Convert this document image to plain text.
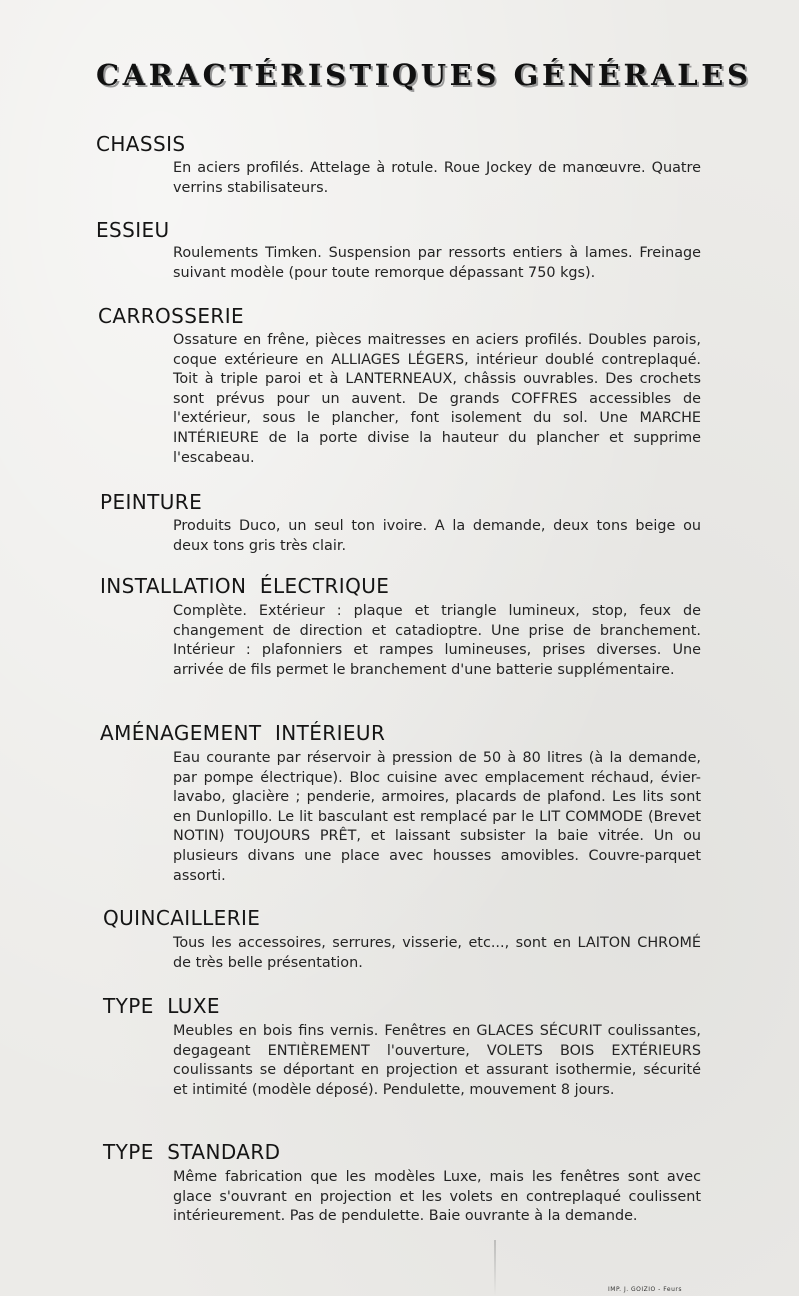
CARACTÉRISTIQUES GÉNÉRALES
CHASSIS

En aciers profilés. Attelage à rotule. Roue Jockey de manœuvre. Quatre verrins stabilisateurs.

ESSIEU

Roulements Timken. Suspension par ressorts entiers à lames. Freinage suivant modèle (pour toute remorque dépassant 750 kgs).

CARROSSERIE

Ossature en frêne, pièces maitresses en aciers profilés. Doubles parois, coque extérieure en ALLIAGES LÉGERS, intérieur doublé contreplaqué. Toit à triple paroi et à LANTERNEAUX, châssis ouvrables. Des crochets sont prévus pour un auvent. De grands COFFRES accessibles de l'extérieur, sous le plancher, font isolement du sol. Une MARCHE INTÉRIEURE de la porte divise la hauteur du plancher et supprime l'escabeau.

PEINTURE

Produits Duco, un seul ton ivoire. A la demande, deux tons beige ou deux tons gris très clair.

INSTALLATION  ÉLECTRIQUE

Complète. Extérieur : plaque et triangle lumineux, stop, feux de changement de direction et catadioptre. Une prise de branchement. Intérieur : plafonniers et rampes lumineuses, prises diverses. Une arrivée de fils permet le branchement d'une batterie supplémentaire.

AMÉNAGEMENT  INTÉRIEUR

Eau courante par réservoir à pression de 50 à 80 litres (à la demande, par pompe électrique). Bloc cuisine avec emplacement réchaud, évier-lavabo, glacière ; penderie, armoires, placards de plafond. Les lits sont en Dunlopillo. Le lit basculant est remplacé par le LIT COMMODE (Brevet NOTIN) TOUJOURS PRÊT, et laissant subsister la baie vitrée. Un ou plusieurs divans une place avec housses amovibles. Couvre-parquet assorti.

QUINCAILLERIE

Tous les accessoires, serrures, visserie, etc..., sont en LAITON CHROMÉ de très belle présentation.

TYPE  LUXE

Meubles en bois fins vernis. Fenêtres en GLACES SÉCURIT coulissantes, degageant ENTIÈREMENT l'ouverture, VOLETS BOIS EXTÉRIEURS coulissants se déportant en projection et assurant isothermie, sécurité et intimité (modèle déposé). Pendulette, mouvement 8 jours.

TYPE  STANDARD

Même fabrication que les modèles Luxe, mais les fenêtres sont avec glace s'ouvrant en projection et les volets en contreplaqué coulissent intérieurement. Pas de pendulette. Baie ouvrante à la demande.

IMP. J. GOIZIO - Feurs
